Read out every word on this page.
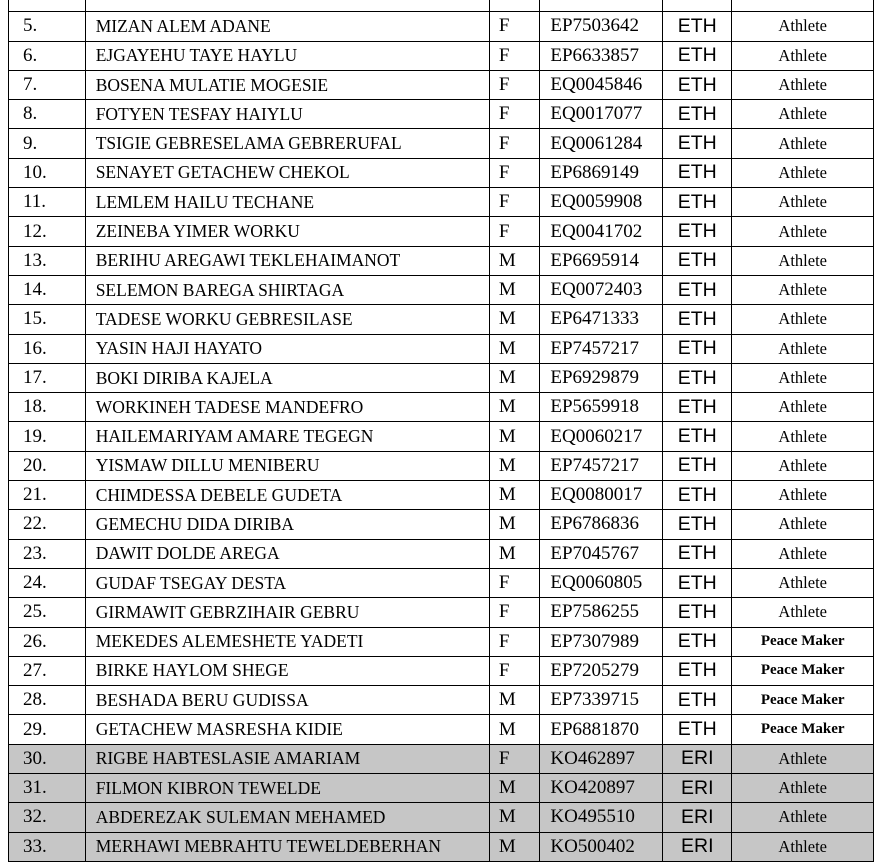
5.	MIZAN ALEM ADANE	F	EP7503642	ETH	Athlete
6.	EJGAYEHU TAYE HAYLU	F	EP6633857	ETH	Athlete
7.	BOSENA MULATIE MOGESIE	F	EQ0045846	ETH	Athlete
8.	FOTYEN TESFAY HAIYLU	F	EQ0017077	ETH	Athlete
9.	TSIGIE GEBRESELAMA GEBRERUFAL	F	EQ0061284	ETH	Athlete
10.	SENAYET GETACHEW CHEKOL	F	EP6869149	ETH	Athlete
11.	LEMLEM HAILU TECHANE	F	EQ0059908	ETH	Athlete
12.	ZEINEBA YIMER WORKU	F	EQ0041702	ETH	Athlete
13.	BERIHU AREGAWI TEKLEHAIMANOT	M	EP6695914	ETH	Athlete
14.	SELEMON BAREGA SHIRTAGA	M	EQ0072403	ETH	Athlete
15.	TADESE WORKU GEBRESILASE	M	EP6471333	ETH	Athlete
16.	YASIN HAJI HAYATO	M	EP7457217	ETH	Athlete
17.	BOKI DIRIBA KAJELA	M	EP6929879	ETH	Athlete
18.	WORKINEH TADESE MANDEFRO	M	EP5659918	ETH	Athlete
19.	HAILEMARIYAM AMARE TEGEGN	M	EQ0060217	ETH	Athlete
20.	YISMAW DILLU MENIBERU	M	EP7457217	ETH	Athlete
21.	CHIMDESSA DEBELE GUDETA	M	EQ0080017	ETH	Athlete
22.	GEMECHU DIDA DIRIBA	M	EP6786836	ETH	Athlete
23.	DAWIT DOLDE AREGA	M	EP7045767	ETH	Athlete
24.	GUDAF TSEGAY DESTA	F	EQ0060805	ETH	Athlete
25.	GIRMAWIT GEBRZIHAIR GEBRU	F	EP7586255	ETH	Athlete
26.	MEKEDES ALEMESHETE YADETI	F	EP7307989	ETH	Peace Maker
27.	BIRKE HAYLOM SHEGE	F	EP7205279	ETH	Peace Maker
28.	BESHADA BERU GUDISSA	M	EP7339715	ETH	Peace Maker
29.	GETACHEW MASRESHA KIDIE	M	EP6881870	ETH	Peace Maker
30.	RIGBE HABTESLASIE AMARIAM	F	KO462897	ERI	Athlete
31.	FILMON KIBRON TEWELDE	M	KO420897	ERI	Athlete
32.	ABDEREZAK SULEMAN MEHAMED	M	KO495510	ERI	Athlete
33.	MERHAWI MEBRAHTU TEWELDEBERHAN	M	KO500402	ERI	Athlete
